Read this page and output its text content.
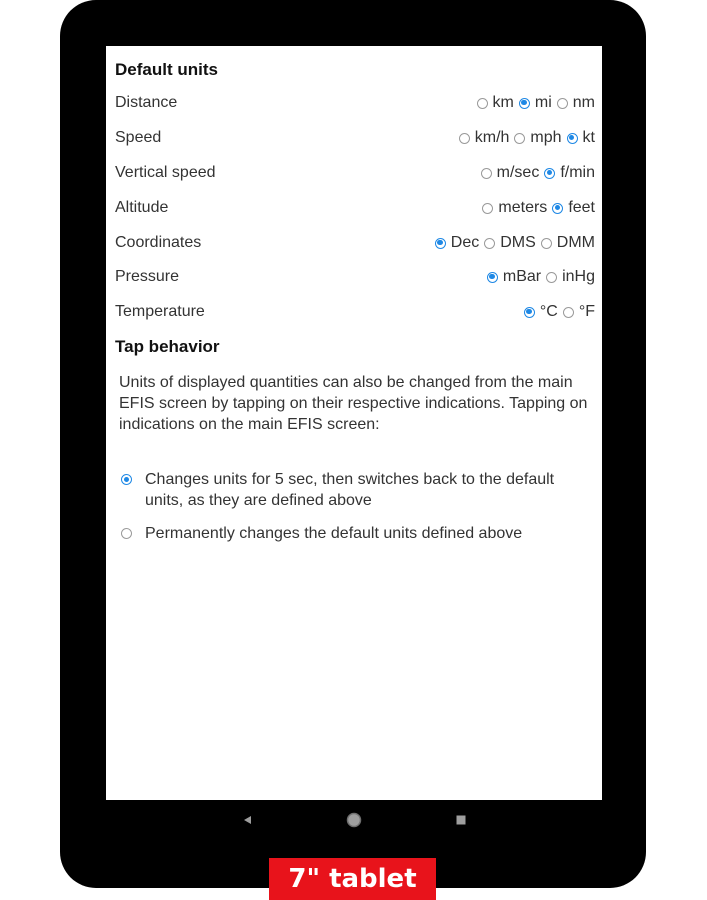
Default units
Distance	km mi nm
Speed	km/h mph kt
Vertical speed	m/sec f/min
Altitude	meters feet
Coordinates	Dec DMS DMM
Pressure	mBar inHg
Temperature	°C °F
Tap behavior
Units of displayed quantities can also be changed from the main EFIS screen by tapping on their respective indications. Tapping on indications on the main EFIS screen:
Changes units for 5 sec, then switches back to the default units, as they are defined above
Permanently changes the default units defined above
7" tablet
